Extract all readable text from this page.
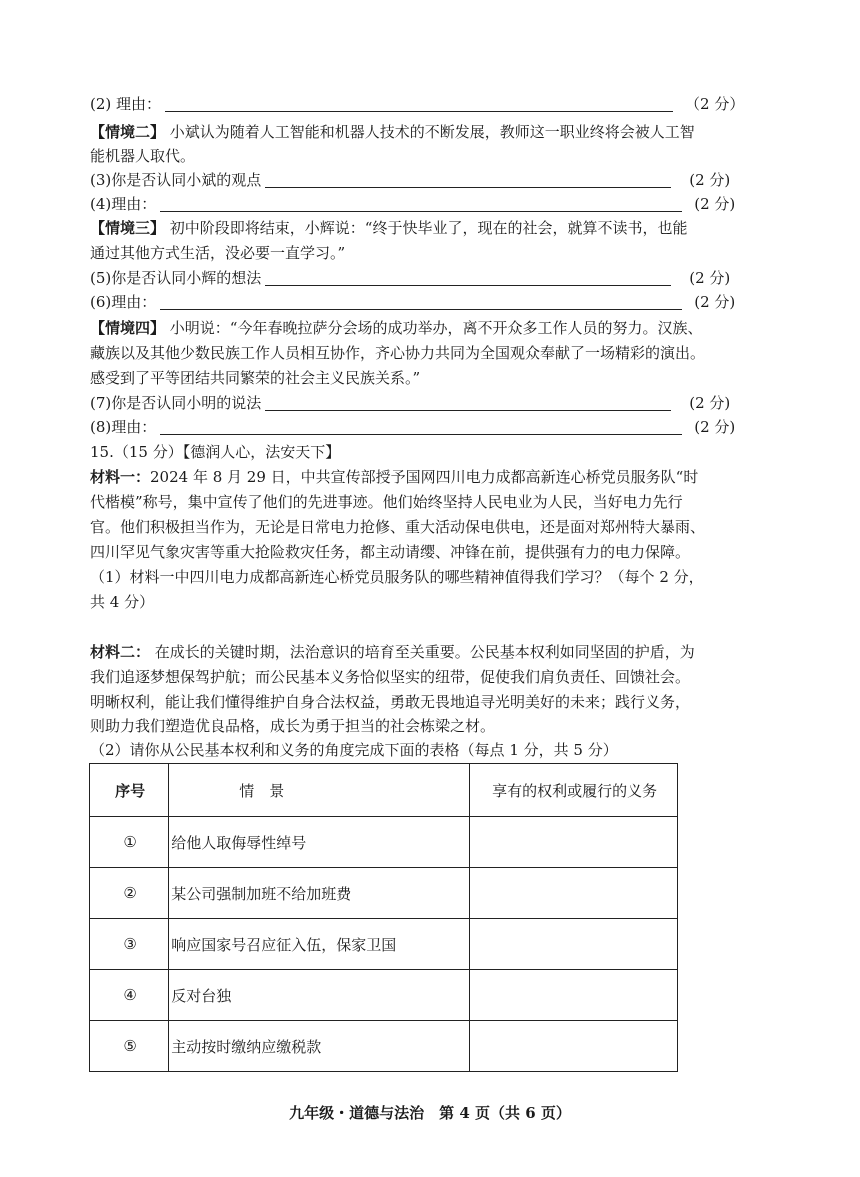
(2) 理由：	（2 分）
【情境二】 小斌认为随着人工智能和机器人技术的不断发展，教师这一职业终将会被人工智
能机器人取代。
(3)你是否认同小斌的观点	(2 分)
(4)理由：	(2 分)
【情境三】 初中阶段即将结束，小辉说：“终于快毕业了，现在的社会，就算不读书，也能
通过其他方式生活，没必要一直学习。”
(5)你是否认同小辉的想法	(2 分)
(6)理由：	(2 分)
【情境四】 小明说：“今年春晚拉萨分会场的成功举办，离不开众多工作人员的努力。汉族、
藏族以及其他少数民族工作人员相互协作，齐心协力共同为全国观众奉献了一场精彩的演出。
感受到了平等团结共同繁荣的社会主义民族关系。”
(7)你是否认同小明的说法	(2 分)
(8)理由：	(2 分)
15.（15 分）【德润人心，法安天下】
材料一：2024 年 8 月 29 日，中共宣传部授予国网四川电力成都高新连心桥党员服务队“时
代楷模”称号，集中宣传了他们的先进事迹。他们始终坚持人民电业为人民，当好电力先行
官。他们积极担当作为，无论是日常电力抢修、重大活动保电供电，还是面对郑州特大暴雨、
四川罕见气象灾害等重大抢险救灾任务，都主动请缨、冲锋在前，提供强有力的电力保障。
（1）材料一中四川电力成都高新连心桥党员服务队的哪些精神值得我们学习？（每个 2 分，
共 4 分）
材料二： 在成长的关键时期，法治意识的培育至关重要。公民基本权利如同坚固的护盾，为
我们追逐梦想保驾护航；而公民基本义务恰似坚实的纽带，促使我们肩负责任、回馈社会。
明晰权利，能让我们懂得维护自身合法权益，勇敢无畏地追寻光明美好的未来；践行义务，
则助力我们塑造优良品格，成长为勇于担当的社会栋梁之材。
（2）请你从公民基本权利和义务的角度完成下面的表格（每点 1 分，共 5 分）
序号	情　景	享有的权利或履行的义务
①	给他人取侮辱性绰号	
②	某公司强制加班不给加班费	
③	响应国家号召应征入伍，保家卫国	
④	反对台独	
⑤	主动按时缴纳应缴税款	
九年级・道德与法治　第 4 页（共 6 页）
